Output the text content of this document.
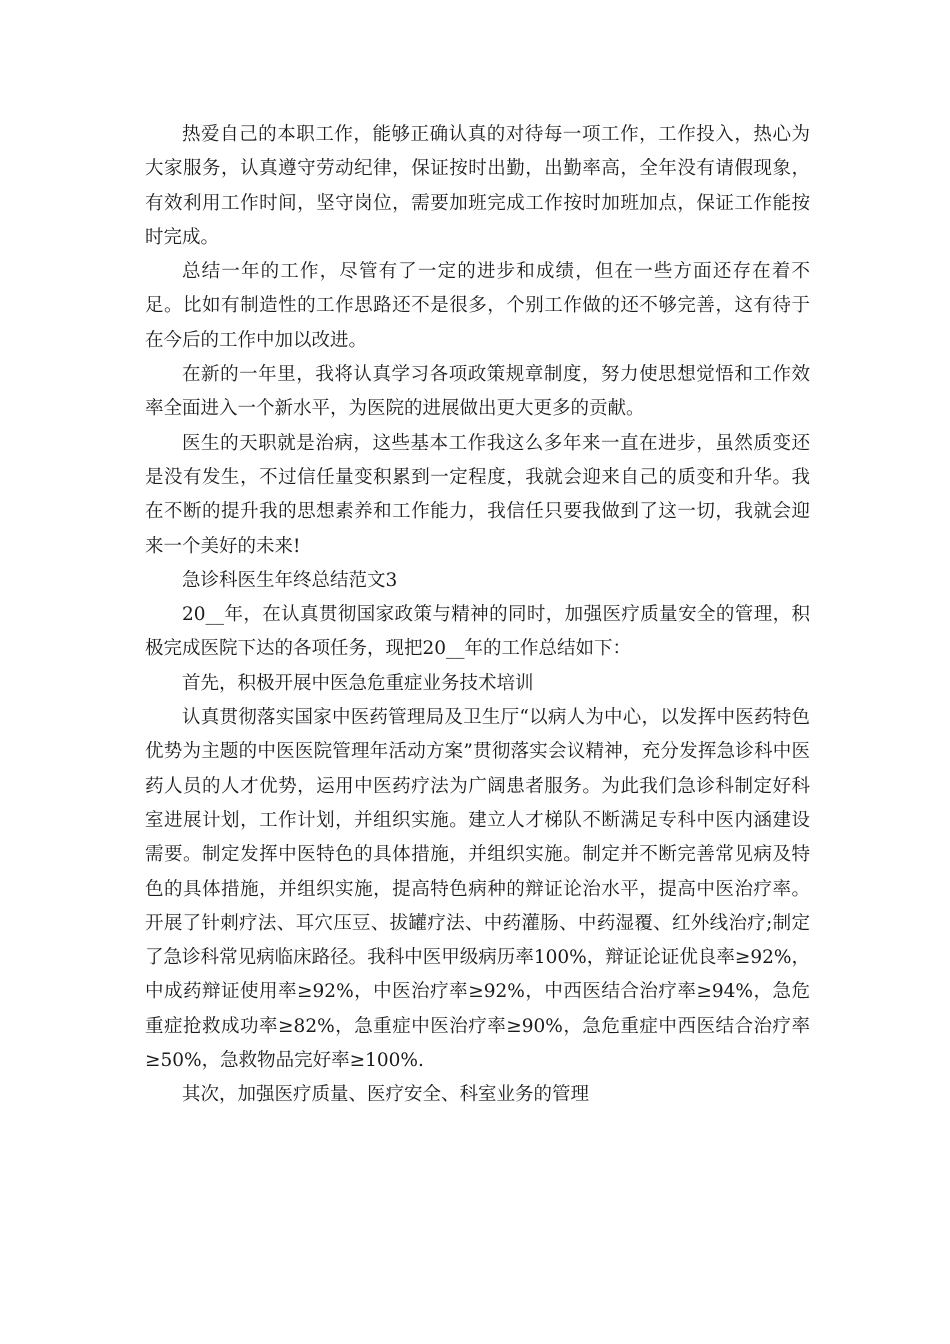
热爱自己的本职工作，能够正确认真的对待每一项工作，工作投入，热心为大家服务，认真遵守劳动纪律，保证按时出勤，出勤率高，全年没有请假现象，有效利用工作时间，坚守岗位，需要加班完成工作按时加班加点，保证工作能按时完成。

总结一年的工作，尽管有了一定的进步和成绩，但在一些方面还存在着不足。比如有制造性的工作思路还不是很多，个别工作做的还不够完善，这有待于在今后的工作中加以改进。

在新的一年里，我将认真学习各项政策规章制度，努力使思想觉悟和工作效率全面进入一个新水平，为医院的进展做出更大更多的贡献。

医生的天职就是治病，这些基本工作我这么多年来一直在进步，虽然质变还是没有发生，不过信任量变积累到一定程度，我就会迎来自己的质变和升华。我在不断的提升我的思想素养和工作能力，我信任只要我做到了这一切，我就会迎来一个美好的未来!

急诊科医生年终总结范文3

20__年，在认真贯彻国家政策与精神的同时，加强医疗质量安全的管理，积极完成医院下达的各项任务，现把20__年的工作总结如下：

首先，积极开展中医急危重症业务技术培训

认真贯彻落实国家中医药管理局及卫生厅“以病人为中心，以发挥中医药特色优势为主题的中医医院管理年活动方案”贯彻落实会议精神，充分发挥急诊科中医药人员的人才优势，运用中医药疗法为广阔患者服务。为此我们急诊科制定好科室进展计划，工作计划，并组织实施。建立人才梯队不断满足专科中医内涵建设需要。制定发挥中医特色的具体措施，并组织实施。制定并不断完善常见病及特色的具体措施，并组织实施，提高特色病种的辩证论治水平，提高中医治疗率。开展了针刺疗法、耳穴压豆、拔罐疗法、中药灌肠、中药湿覆、红外线治疗;制定了急诊科常见病临床路径。我科中医甲级病历率100%，辩证论证优良率≥92%，中成药辩证使用率≥92%，中医治疗率≥92%，中西医结合治疗率≥94%，急危重症抢救成功率≥82%，急重症中医治疗率≥90%，急危重症中西医结合治疗率≥50%，急救物品完好率≥100%.

其次，加强医疗质量、医疗安全、科室业务的管理
